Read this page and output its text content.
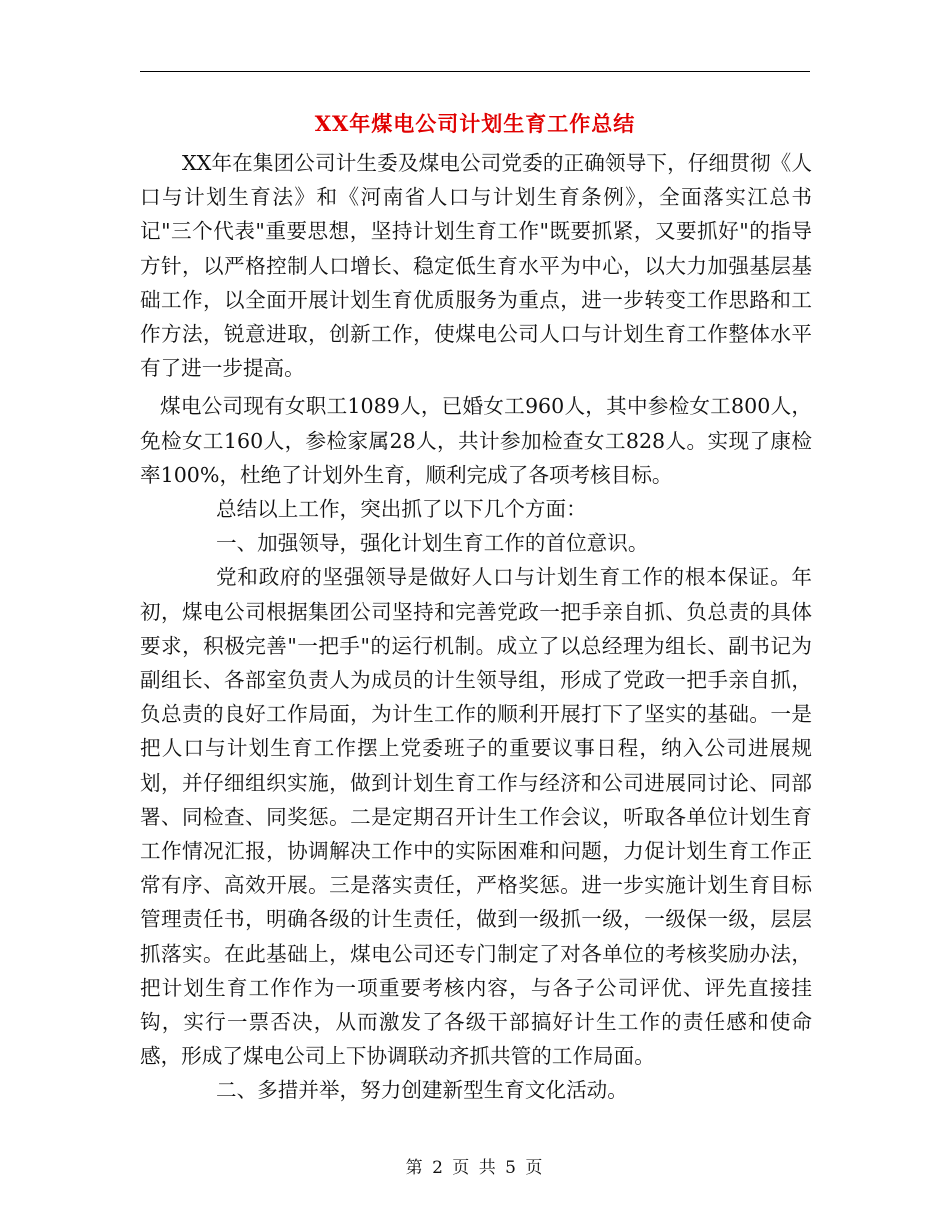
XX年煤电公司计划生育工作总结

XX年在集团公司计生委及煤电公司党委的正确领导下，仔细贯彻《人口与计划生育法》和《河南省人口与计划生育条例》，全面落实江总书记"三个代表"重要思想，坚持计划生育工作"既要抓紧，又要抓好"的指导方针，以严格控制人口增长、稳定低生育水平为中心，以大力加强基层基础工作，以全面开展计划生育优质服务为重点，进一步转变工作思路和工作方法，锐意进取，创新工作，使煤电公司人口与计划生育工作整体水平有了进一步提高。

煤电公司现有女职工1089人，已婚女工960人，其中参检女工800人，免检女工160人，参检家属28人，共计参加检查女工828人。实现了康检率100%，杜绝了计划外生育，顺利完成了各项考核目标。

总结以上工作，突出抓了以下几个方面：

一、加强领导，强化计划生育工作的首位意识。

党和政府的坚强领导是做好人口与计划生育工作的根本保证。年初，煤电公司根据集团公司坚持和完善党政一把手亲自抓、负总责的具体要求，积极完善"一把手"的运行机制。成立了以总经理为组长、副书记为副组长、各部室负责人为成员的计生领导组，形成了党政一把手亲自抓，负总责的良好工作局面，为计生工作的顺利开展打下了坚实的基础。一是把人口与计划生育工作摆上党委班子的重要议事日程，纳入公司进展规划，并仔细组织实施，做到计划生育工作与经济和公司进展同讨论、同部署、同检查、同奖惩。二是定期召开计生工作会议，听取各单位计划生育工作情况汇报，协调解决工作中的实际困难和问题，力促计划生育工作正常有序、高效开展。三是落实责任，严格奖惩。进一步实施计划生育目标管理责任书，明确各级的计生责任，做到一级抓一级，一级保一级，层层抓落实。在此基础上，煤电公司还专门制定了对各单位的考核奖励办法，把计划生育工作作为一项重要考核内容，与各子公司评优、评先直接挂钩，实行一票否决，从而激发了各级干部搞好计生工作的责任感和使命感，形成了煤电公司上下协调联动齐抓共管的工作局面。

二、多措并举，努力创建新型生育文化活动。

第 2 页 共 5 页
